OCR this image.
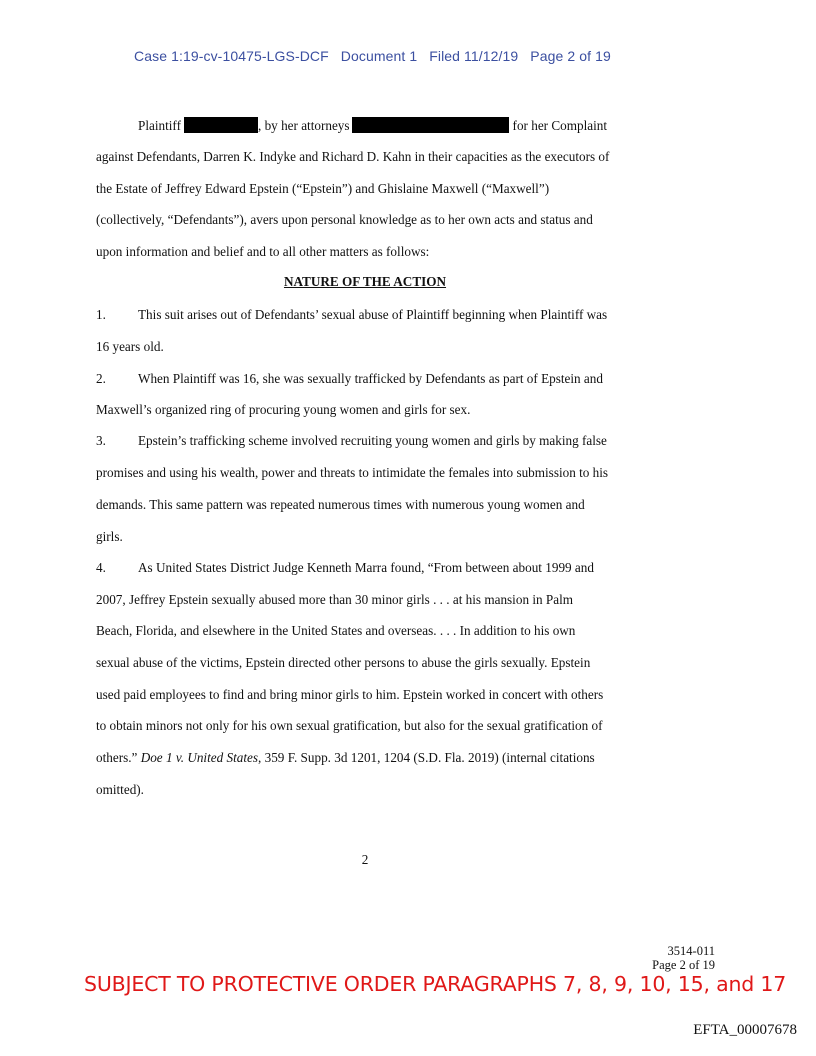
Case 1:19-cv-10475-LGS-DCF   Document 1   Filed 11/12/19   Page 2 of 19
Plaintiff	, by her attorneys	for her Complaint
against Defendants, Darren K. Indyke and Richard D. Kahn in their capacities as the executors of
the Estate of Jeffrey Edward Epstein (“Epstein”) and Ghislaine Maxwell (“Maxwell”)
(collectively, “Defendants”), avers upon personal knowledge as to her own acts and status and
upon information and belief and to all other matters as follows:
NATURE OF THE ACTION
1. This suit arises out of Defendants’ sexual abuse of Plaintiff beginning when Plaintiff was
16 years old.
2. When Plaintiff was 16, she was sexually trafficked by Defendants as part of Epstein and
Maxwell’s organized ring of procuring young women and girls for sex.
3. Epstein’s trafficking scheme involved recruiting young women and girls by making false
promises and using his wealth, power and threats to intimidate the females into submission to his
demands. This same pattern was repeated numerous times with numerous young women and
girls.
4. As United States District Judge Kenneth Marra found, “From between about 1999 and
2007, Jeffrey Epstein sexually abused more than 30 minor girls . . . at his mansion in Palm
Beach, Florida, and elsewhere in the United States and overseas. . . . In addition to his own
sexual abuse of the victims, Epstein directed other persons to abuse the girls sexually. Epstein
used paid employees to find and bring minor girls to him. Epstein worked in concert with others
to obtain minors not only for his own sexual gratification, but also for the sexual gratification of
others.” Doe 1 v. United States, 359 F. Supp. 3d 1201, 1204 (S.D. Fla. 2019) (internal citations
omitted).
2
3514-011
Page 2 of 19
SUBJECT TO PROTECTIVE ORDER PARAGRAPHS 7, 8, 9, 10, 15, and 17
EFTA_00007678
